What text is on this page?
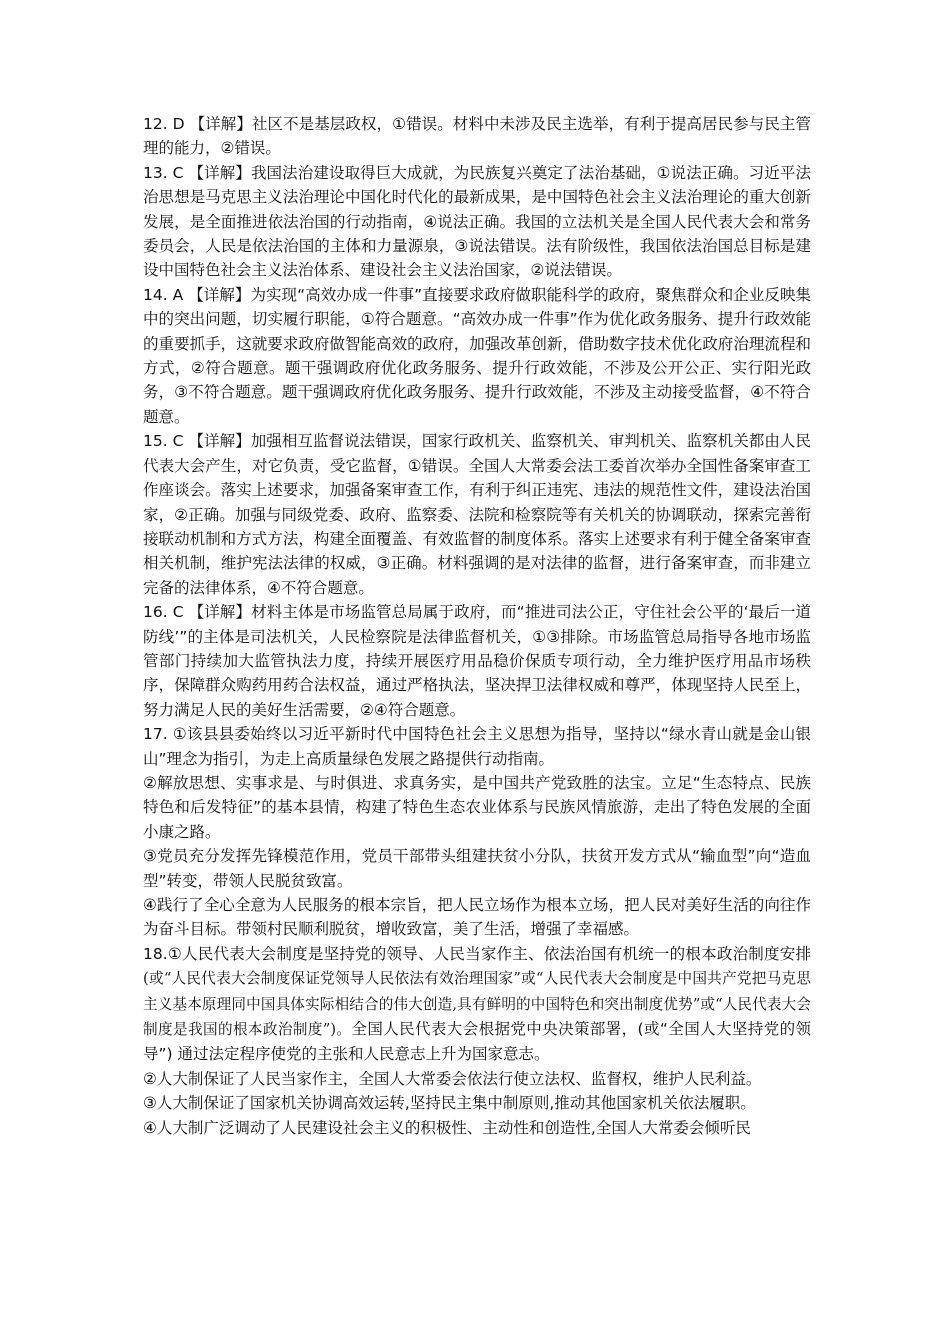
12. D 【详解】社区不是基层政权，①错误。材料中未涉及民主选举，有利于提高居民参与民主管理的能力，②错误。

13. C 【详解】我国法治建设取得巨大成就，为民族复兴奠定了法治基础，①说法正确。习近平法治思想是马克思主义法治理论中国化时代化的最新成果，是中国特色社会主义法治理论的重大创新发展，是全面推进依法治国的行动指南，④说法正确。我国的立法机关是全国人民代表大会和常务委员会，人民是依法治国的主体和力量源泉，③说法错误。法有阶级性，我国依法治国总目标是建设中国特色社会主义法治体系、建设社会主义法治国家，②说法错误。

14. A 【详解】为实现“高效办成一件事”直接要求政府做职能科学的政府，聚焦群众和企业反映集中的突出问题，切实履行职能，①符合题意。“高效办成一件事”作为优化政务服务、提升行政效能的重要抓手，这就要求政府做智能高效的政府，加强改革创新，借助数字技术优化政府治理流程和方式，②符合题意。题干强调政府优化政务服务、提升行政效能，不涉及公开公正、实行阳光政务，③不符合题意。题干强调政府优化政务服务、提升行政效能，不涉及主动接受监督，④不符合题意。

15. C 【详解】加强相互监督说法错误，国家行政机关、监察机关、审判机关、监察机关都由人民代表大会产生，对它负责，受它监督，①错误。全国人大常委会法工委首次举办全国性备案审查工作座谈会。落实上述要求，加强备案审查工作，有利于纠正违宪、违法的规范性文件，建设法治国家，②正确。加强与同级党委、政府、监察委、法院和检察院等有关机关的协调联动，探索完善衔接联动机制和方式方法，构建全面覆盖、有效监督的制度体系。落实上述要求有利于健全备案审查相关机制，维护宪法法律的权威，③正确。材料强调的是对法律的监督，进行备案审查，而非建立完备的法律体系，④不符合题意。

16. C 【详解】材料主体是市场监管总局属于政府，而“推进司法公正，守住社会公平的‘最后一道防线’”的主体是司法机关，人民检察院是法律监督机关，①③排除。市场监管总局指导各地市场监管部门持续加大监管执法力度，持续开展医疗用品稳价保质专项行动，全力维护医疗用品市场秩序，保障群众购药用药合法权益，通过严格执法，坚决捍卫法律权威和尊严，体现坚持人民至上，努力满足人民的美好生活需要，②④符合题意。

17. ①该县县委始终以习近平新时代中国特色社会主义思想为指导，坚持以“绿水青山就是金山银山”理念为指引，为走上高质量绿色发展之路提供行动指南。

②解放思想、实事求是、与时俱进、求真务实，是中国共产党致胜的法宝。立足“生态特点、民族特色和后发特征”的基本县情，构建了特色生态农业体系与民族风情旅游，走出了特色发展的全面小康之路。

③党员充分发挥先锋模范作用，党员干部带头组建扶贫小分队，扶贫开发方式从“输血型”向“造血型”转变，带领人民脱贫致富。

④践行了全心全意为人民服务的根本宗旨，把人民立场作为根本立场，把人民对美好生活的向往作为奋斗目标。带领村民顺利脱贫，增收致富，美了生活，增强了幸福感。

18.①人民代表大会制度是坚持党的领导、人民当家作主、依法治国有机统一的根本政治制度安排(或“人民代表大会制度保证党领导人民依法有效治理国家”或“人民代表大会制度是中国共产党把马克思主义基本原理同中国具体实际相结合的伟大创造,具有鲜明的中国特色和突出制度优势”或“人民代表大会制度是我国的根本政治制度”)。全国人民代表大会根据党中央决策部署，(或“全国人大坚持党的领导”) 通过法定程序使党的主张和人民意志上升为国家意志。

②人大制保证了人民当家作主，全国人大常委会依法行使立法权、监督权，维护人民利益。

③人大制保证了国家机关协调高效运转,坚持民主集中制原则,推动其他国家机关依法履职。

④人大制广泛调动了人民建设社会主义的积极性、主动性和创造性,全国人大常委会倾听民
